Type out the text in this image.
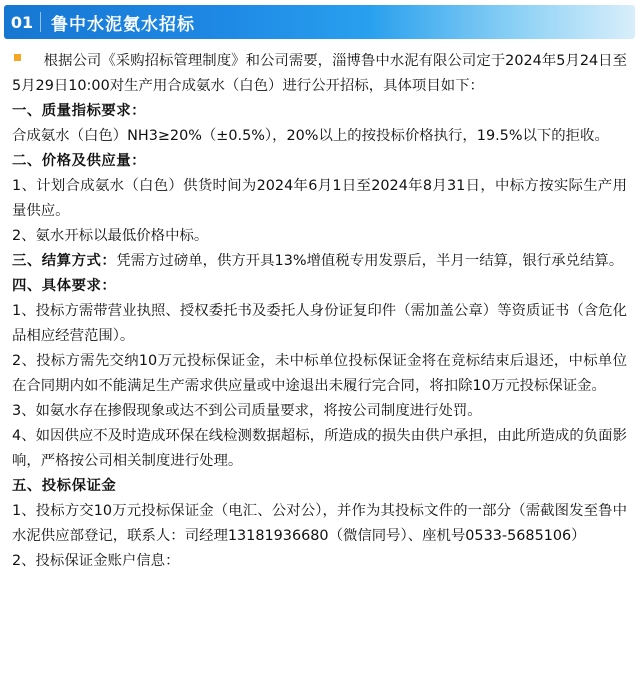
01	鲁中水泥氨水招标

根据公司《采购招标管理制度》和公司需要，淄博鲁中水泥有限公司定于2024年5月24日至5月29日10:00对生产用合成氨水（白色）进行公开招标，具体项目如下：

一、质量指标要求：

合成氨水（白色）NH3≥20%（±0.5%），20%以上的按投标价格执行，19.5%以下的拒收。

二、价格及供应量：

1、计划合成氨水（白色）供货时间为2024年6月1日至2024年8月31日，中标方按实际生产用量供应。

2、氨水开标以最低价格中标。

三、结算方式：凭需方过磅单，供方开具13%增值税专用发票后，半月一结算，银行承兑结算。

四、具体要求：

1、投标方需带营业执照、授权委托书及委托人身份证复印件（需加盖公章）等资质证书（含危化品相应经营范围）。

2、投标方需先交纳10万元投标保证金，未中标单位投标保证金将在竞标结束后退还，中标单位在合同期内如不能满足生产需求供应量或中途退出未履行完合同，将扣除10万元投标保证金。

3、如氨水存在掺假现象或达不到公司质量要求，将按公司制度进行处罚。

4、如因供应不及时造成环保在线检测数据超标，所造成的损失由供户承担，由此所造成的负面影响，严格按公司相关制度进行处理。

五、投标保证金

1、投标方交10万元投标保证金（电汇、公对公），并作为其投标文件的一部分（需截图发至鲁中水泥供应部登记，联系人：司经理13181936680（微信同号）、座机号0533-5685106）

2、投标保证金账户信息：
